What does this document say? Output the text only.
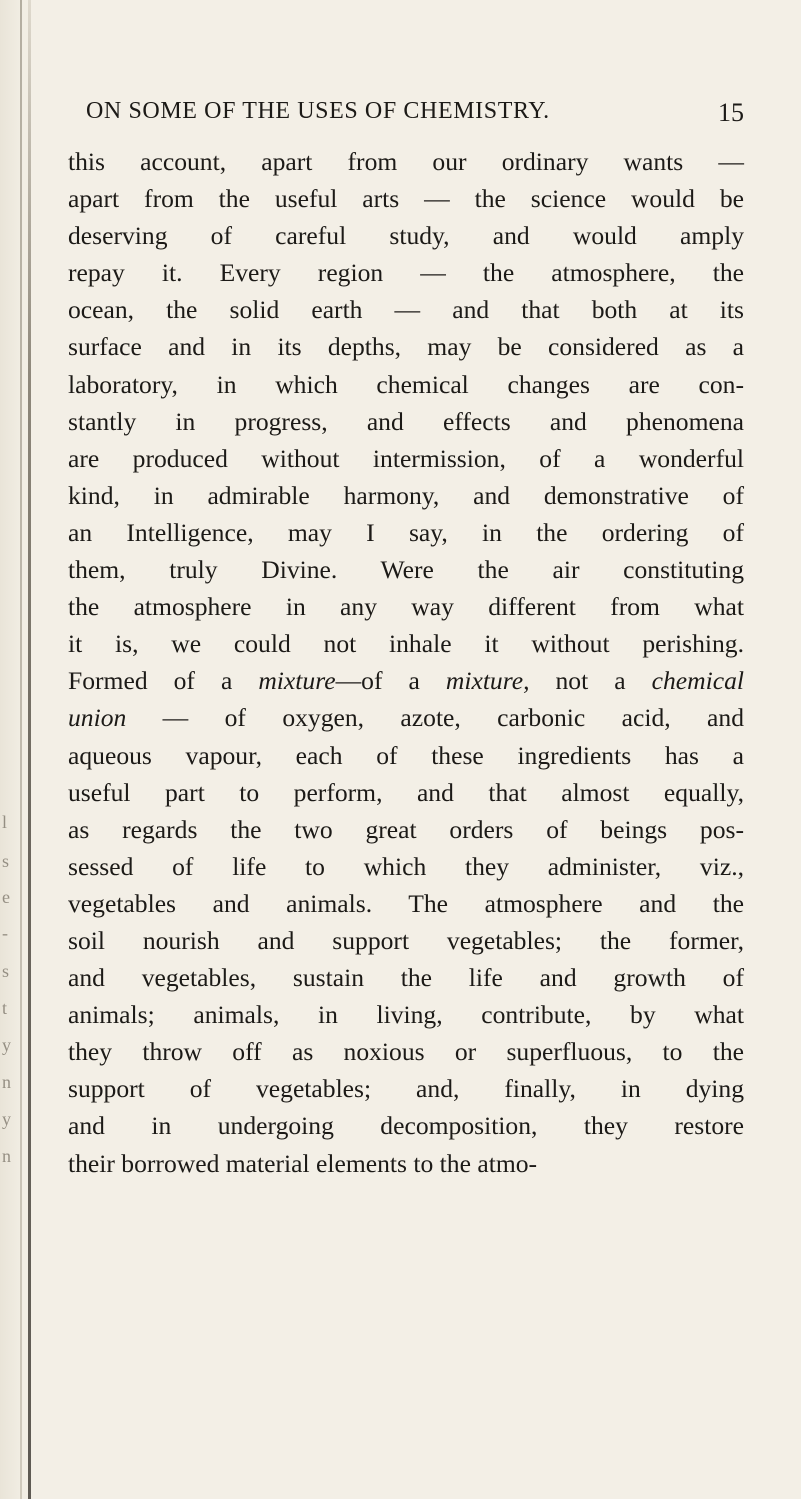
l
s
e
-
s
t
y
n
y
n
ON SOME OF THE USES OF CHEMISTRY.	15
this account, apart from our ordinary wants —
apart from the useful arts — the science would be
deserving of careful study, and would amply
repay it. Every region — the atmosphere, the
ocean, the solid earth — and that both at its
surface and in its depths, may be considered as a
laboratory, in which chemical changes are con-
stantly in progress, and effects and phenomena
are produced without intermission, of a wonderful
kind, in admirable harmony, and demonstrative of
an Intelligence, may I say, in the ordering of
them, truly Divine. Were the air constituting
the atmosphere in any way different from what
it is, we could not inhale it without perishing.
Formed of a mixture—of a mixture, not a chemical
union — of oxygen, azote, carbonic acid, and
aqueous vapour, each of these ingredients has a
useful part to perform, and that almost equally,
as regards the two great orders of beings pos-
sessed of life to which they administer, viz.,
vegetables and animals. The atmosphere and the
soil nourish and support vegetables; the former,
and vegetables, sustain the life and growth of
animals; animals, in living, contribute, by what
they throw off as noxious or superfluous, to the
support of vegetables; and, finally, in dying
and in undergoing decomposition, they restore
their borrowed material elements to the atmo-
